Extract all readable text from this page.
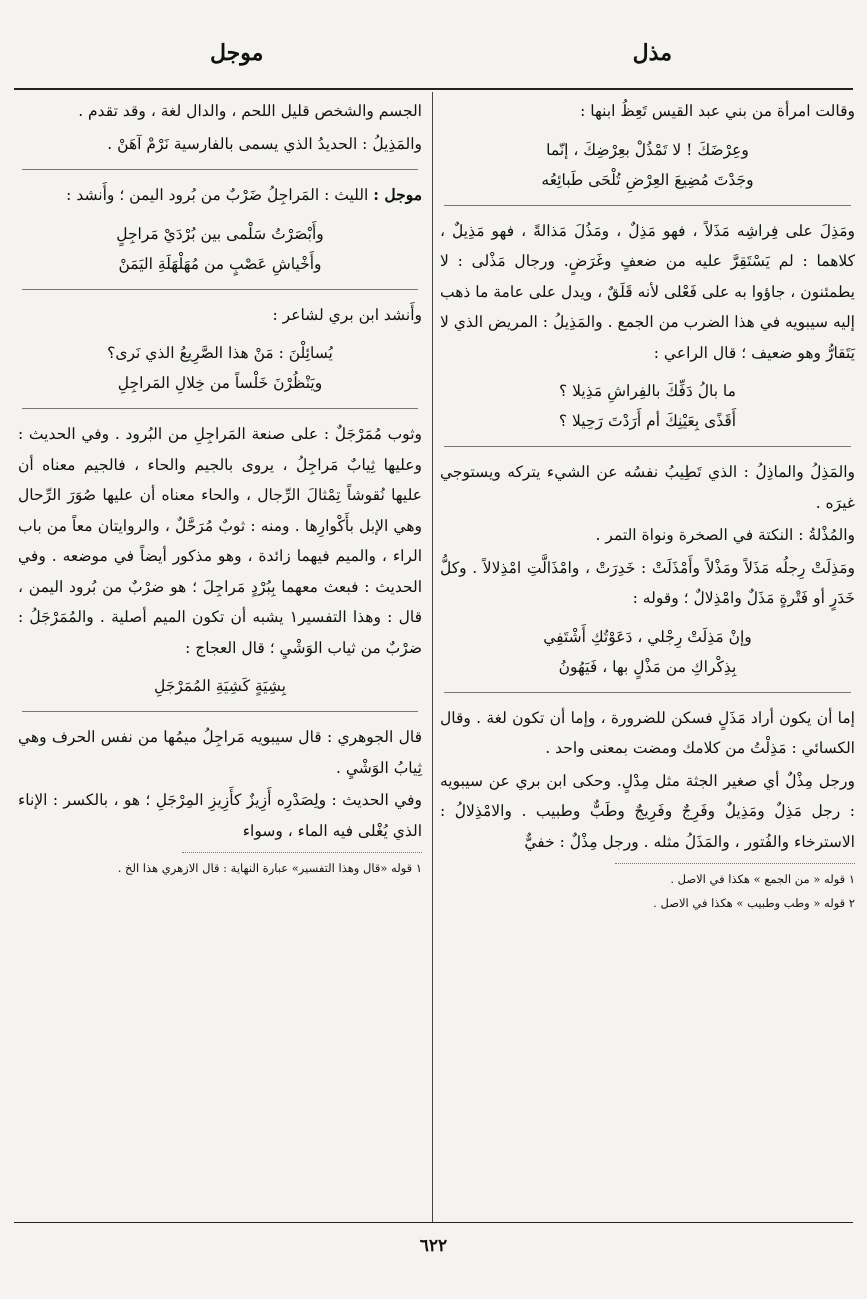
مذل
موجل

وقالت امرأة من بني عبد القيس تَعِظُ ابنها :

وعِرْضَكَ ! لا تَمْذُلْ بعِرْضِكَ ، إنّما
وجَدْتَ مُضِيعَ العِرْضِ تُلْحَى طَبائِعُه

ومَذِلَ على فِراشِه مَذَلاً ، فهو مَذِلٌ ، ومَذُلَ مَذالةً ، فهو مَذِيلٌ ، كلاهما : لم يَسْتَقِرَّ عليه من ضعفٍ وغَرَضٍ. ورجال مَذْلى : لا يطمئنون ، جاؤوا به على فَعْلى لأنه قَلَقٌ ، ويدل على عامة ما ذهب إليه سيبويه في هذا الضرب من الجمع . والمَذِيلُ : المريض الذي لا يَتَقارُّ وهو ضعيف ؛ قال الراعي :

ما بالُ دَفِّكَ بالفِراشِ مَذِيلا ؟
أَقَذًى بِعَيْنِكَ أم أَرَدْتَ رَحِيلا ؟

والمَذِلُ والماذِلُ : الذي تَطِيبُ نفسُه عن الشيء يتركه ويستوجي غيرَه .

والمُذْلةُ : النكتة في الصخرة ونواة التمر .

ومَذِلَتْ رِجلُه مَذَلاً ومَذْلاً وأَمْذَلَتْ : خَدِرَتْ ، وامْذَالَّتِ امْذِلالاً . وكلُّ خَدَرٍ أو فَتْرةٍ مَذَلٌ وامْذِلالٌ ؛ وقوله :

وإنْ مَذِلَتْ رِجْلي ، دَعَوْتُكِ أَشْتَفِي
بِذِكْراكِ من مَذْلٍ بها ، فَيَهُونُ

إما أن يكون أراد مَذَلٍ فسكن للضرورة ، وإما أن تكون لغة . وقال الكسائي : مَذِلْتُ من كلامك ومضت بمعنى واحد .

ورجل مِذْلٌ أي صغير الجثة مثل مِدْلٍ. وحكى ابن بري عن سيبويه : رجل مَذِلٌ ومَذِيلٌ وفَرِجٌ وفَرِيجٌ وطَبٌّ وطبيب . والامْذِلالُ : الاسترخاء والفُتور ، والمَذَلُ مثله . ورجل مِذْلٌ : خفيٌّ

١ قوله « من الجمع » هكذا في الاصل .

٢ قوله « وطب وطبيب » هكذا في الاصل .

الجسم والشخص قليل اللحم ، والدال لغة ، وقد تقدم .

والمَذِيلُ : الحديدُ الذي يسمى بالفارسية نَرْمْ آهَنْ .

موجل : الليث : المَراجِلُ ضَرْبٌ من بُرود اليمن ؛ وأَنشد :

وأَبْصَرْتُ سَلْمى بين بُرْدَيْ مَراجِلٍ
وأَخْياشِ عَصْبٍ من مُهَلْهَلَةِ اليَمَنْ

وأَنشد ابن بري لشاعر :

يُسائِلْنَ : مَنْ هذا الصَّرِيعُ الذي نَرى؟
ويَنْظُرْنَ خَلْساً من خِلالِ المَراجِلِ

وثوب مُمَرْجَلٌ : على صنعة المَراجِلِ من البُرود . وفي الحديث : وعليها ثِيابٌ مَراجِلُ ، يروى بالجيم والحاء ، فالجيم معناه أن عليها نُقوشاً تِمْثالَ الرِّجال ، والحاء معناه أن عليها صُوَرَ الرِّحال وهي الإبل بأَكْوارِها . ومنه : ثوبٌ مُرَحَّلٌ ، والروايتان معاً من باب الراء ، والميم فيهما زائدة ، وهو مذكور أيضاً في موضعه . وفي الحديث : فبعث معهما بِبُرْدٍ مَراجِلَ ؛ هو ضرْبٌ من بُرود اليمن ، قال : وهذا التفسير١ يشبه أن تكون الميم أصلية . والمُمَرْجَلُ : ضرْبٌ من ثياب الوَشْيِ ؛ قال العجاج :

بِشِيَةٍ كَشِيَةِ المُمَرْجَلِ

قال الجوهري : قال سيبويه مَراجِلُ ميمُها من نفس الحرف وهي ثِيابُ الوَشْيِ .

وفي الحديث : ولِصَدْرِه أَزِيزٌ كأَزِيزِ المِرْجَلِ ؛ هو ، بالكسر : الإناء الذي يُغْلى فيه الماء ، وسواء

١ قوله «قال وهذا التفسير» عبارة النهاية : قال الازهري هذا الخ .

٦٢٢
